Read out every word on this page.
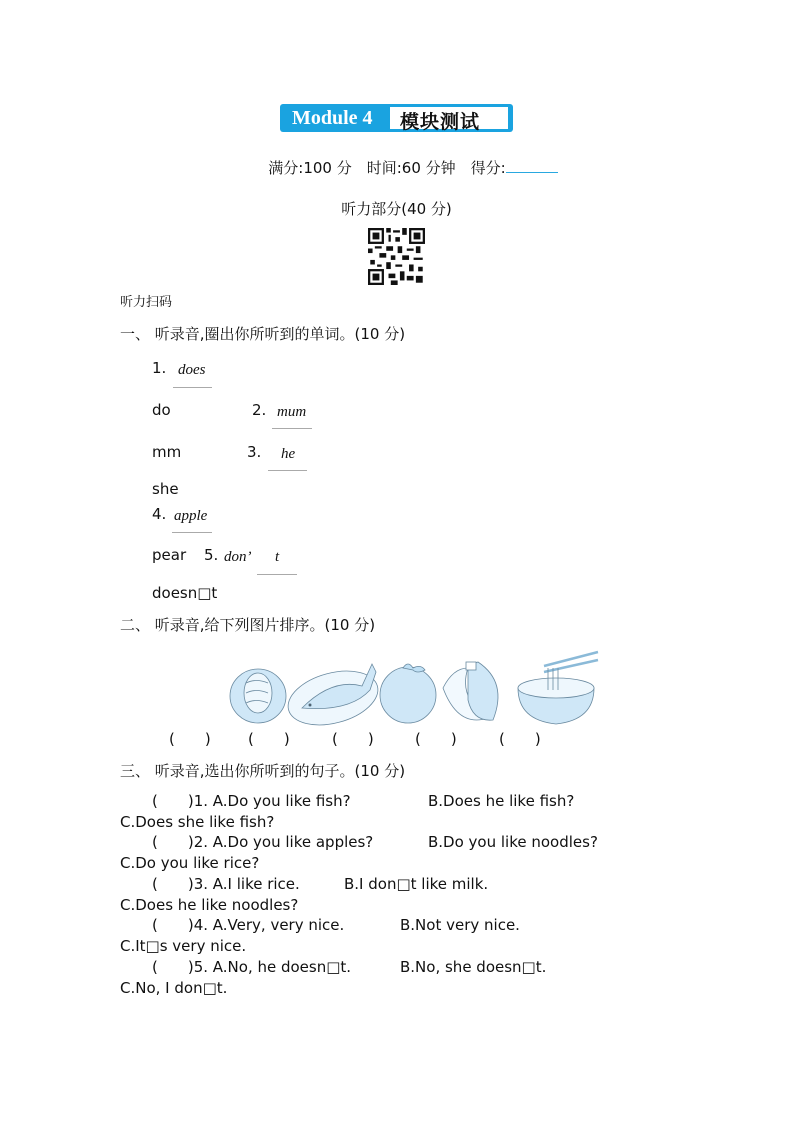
Module 4 模块测试
满分:100 分　时间:60 分钟　得分:
听力部分(40 分)
听力扫码
一、 听录音,圈出你所听到的单词。(10 分)
1. does
do	2. mum
mm	3. he
she
4. apple
pear 5. don’ t
doesn□t
二、 听录音,给下列图片排序。(10 分)
(　　) (　　)	(　　)	(　　)	(　　)
三、 听录音,选出你所听到的句子。(10 分)
(　　)1. A.Do you like fish?	B.Does he like fish?
C.Does she like fish?
(　　)2. A.Do you like apples?	B.Do you like noodles?
C.Do you like rice?
(　　)3. A.I like rice.	B.I don□t like milk.
C.Does he like noodles?
(　　)4. A.Very, very nice.	B.Not very nice.
C.It□s very nice.
(　　)5. A.No, he doesn□t.	B.No, she doesn□t.
C.No, I don□t.
